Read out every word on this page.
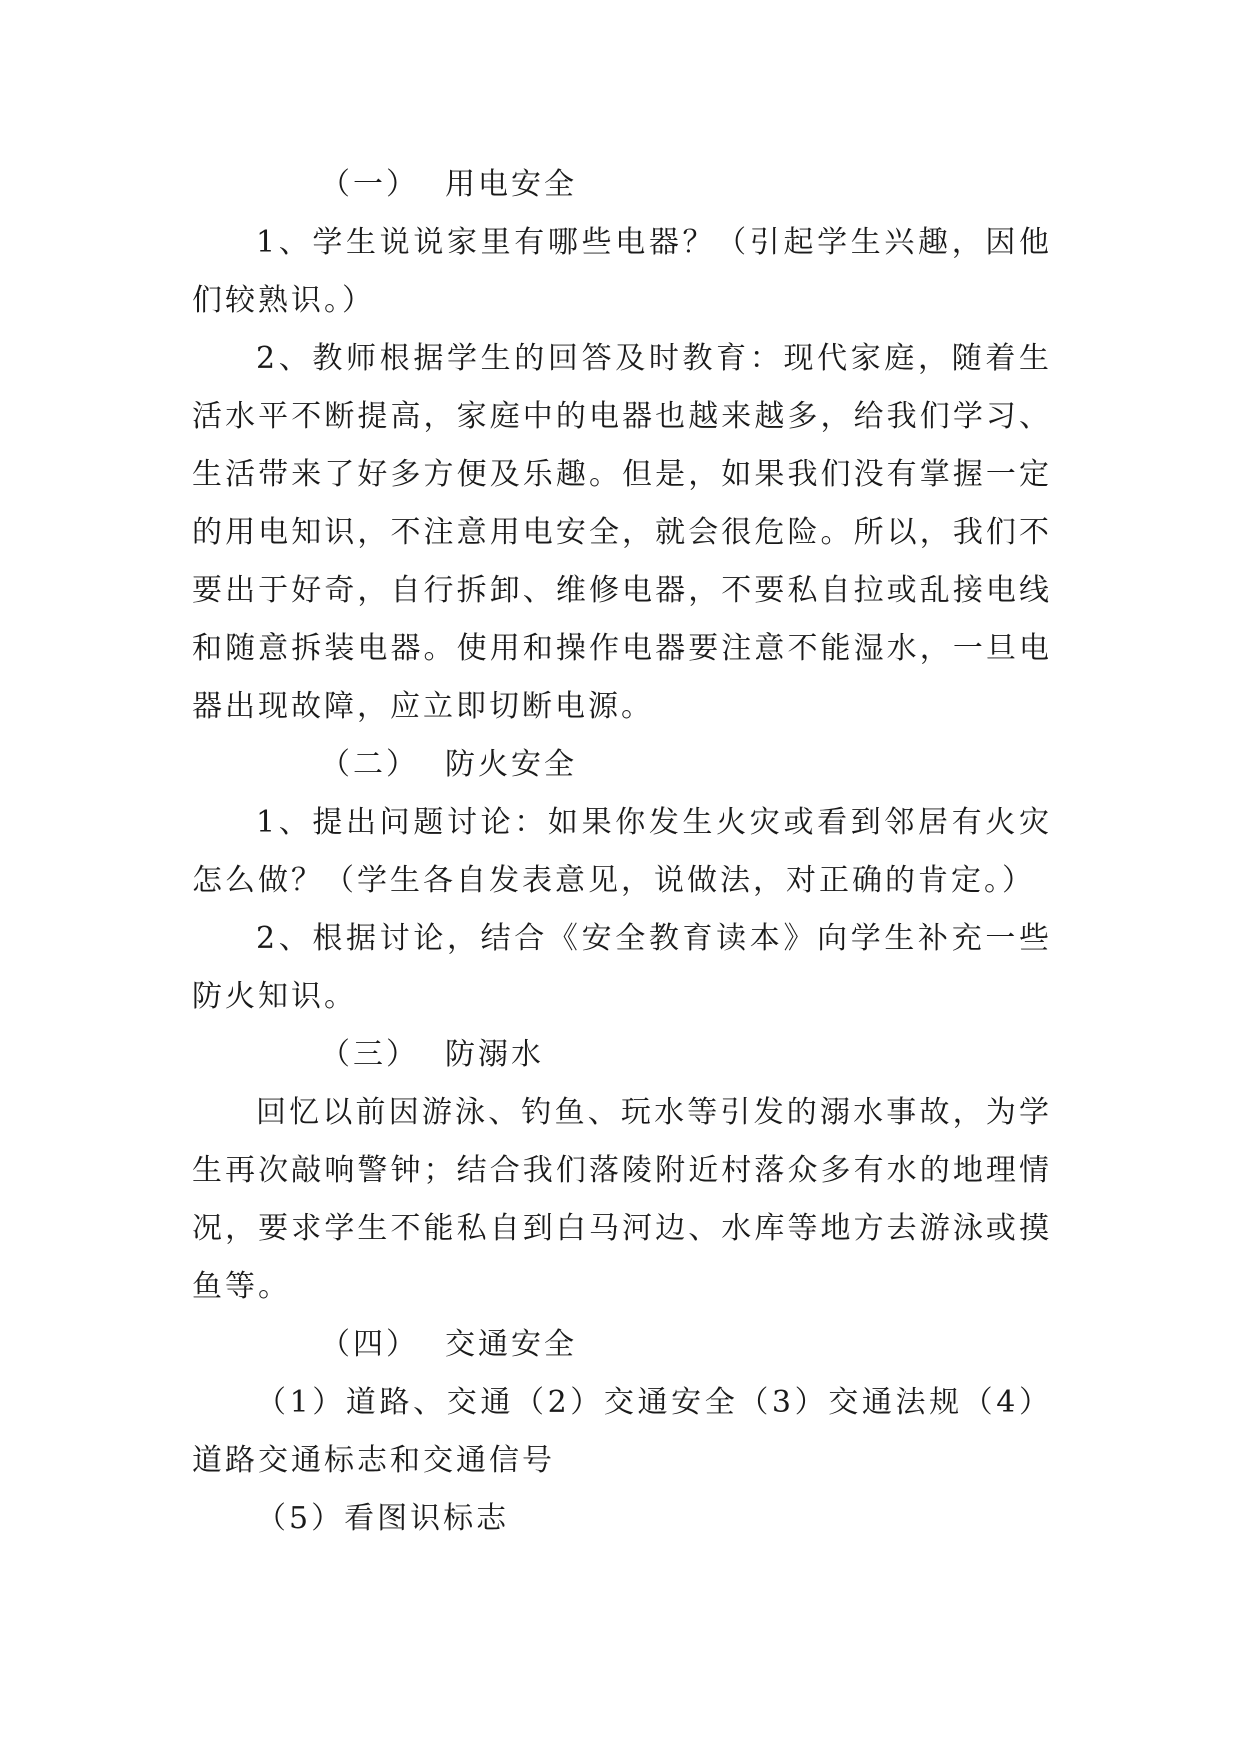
（一） 用电安全

1、学生说说家里有哪些电器？（引起学生兴趣，因他们较熟识。）

2、教师根据学生的回答及时教育：现代家庭，随着生活水平不断提高，家庭中的电器也越来越多，给我们学习、生活带来了好多方便及乐趣。但是，如果我们没有掌握一定的用电知识，不注意用电安全，就会很危险。所以，我们不要出于好奇，自行拆卸、维修电器，不要私自拉或乱接电线和随意拆装电器。使用和操作电器要注意不能湿水，一旦电器出现故障，应立即切断电源。

（二） 防火安全

1、提出问题讨论：如果你发生火灾或看到邻居有火灾怎么做？（学生各自发表意见，说做法，对正确的肯定。）

2、根据讨论，结合《安全教育读本》向学生补充一些防火知识。

（三） 防溺水

回忆以前因游泳、钓鱼、玩水等引发的溺水事故，为学生再次敲响警钟；结合我们落陵附近村落众多有水的地理情况，要求学生不能私自到白马河边、水库等地方去游泳或摸鱼等。

（四） 交通安全

（1）道路、交通（2）交通安全（3）交通法规（4）道路交通标志和交通信号

（5）看图识标志
